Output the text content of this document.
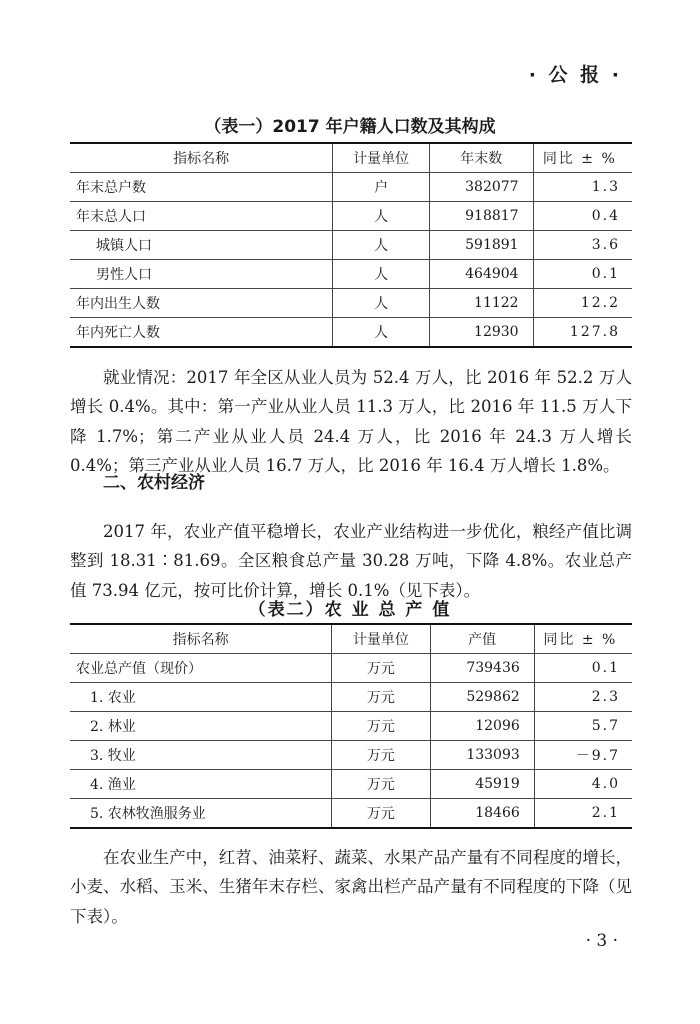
· 公 报 ·
（表一）2017 年户籍人口数及其构成
指标名称	计量单位	年末数	同比 ± %
年末总户数	户	382077	1.3
年末总人口	人	918817	0.4
城镇人口	人	591891	3.6
男性人口	人	464904	0.1
年内出生人数	人	11122	12.2
年内死亡人数	人	12930	127.8

就业情况：2017 年全区从业人员为 52.4 万人，比 2016 年 52.2 万人增长 0.4%。其中：第一产业从业人员 11.3 万人，比 2016 年 11.5 万人下降 1.7%；第二产业从业人员 24.4 万人，比 2016 年 24.3 万人增长 0.4%；第三产业从业人员 16.7 万人，比 2016 年 16.4 万人增长 1.8%。

二、农村经济

2017 年，农业产值平稳增长，农业产业结构进一步优化，粮经产值比调整到 18.31∶81.69。全区粮食总产量 30.28 万吨，下降 4.8%。农业总产值 73.94 亿元，按可比价计算，增长 0.1%（见下表）。

（表二）农 业 总 产 值
指标名称	计量单位	产值	同比 ± %
农业总产值（现价）	万元	739436	0.1
1. 农业	万元	529862	2.3
2. 林业	万元	12096	5.7
3. 牧业	万元	133093	－9.7
4. 渔业	万元	45919	4.0
5. 农林牧渔服务业	万元	18466	2.1

在农业生产中，红苕、油菜籽、蔬菜、水果产品产量有不同程度的增长，小麦、水稻、玉米、生猪年末存栏、家禽出栏产品产量有不同程度的下降（见下表）。

· 3 ·
